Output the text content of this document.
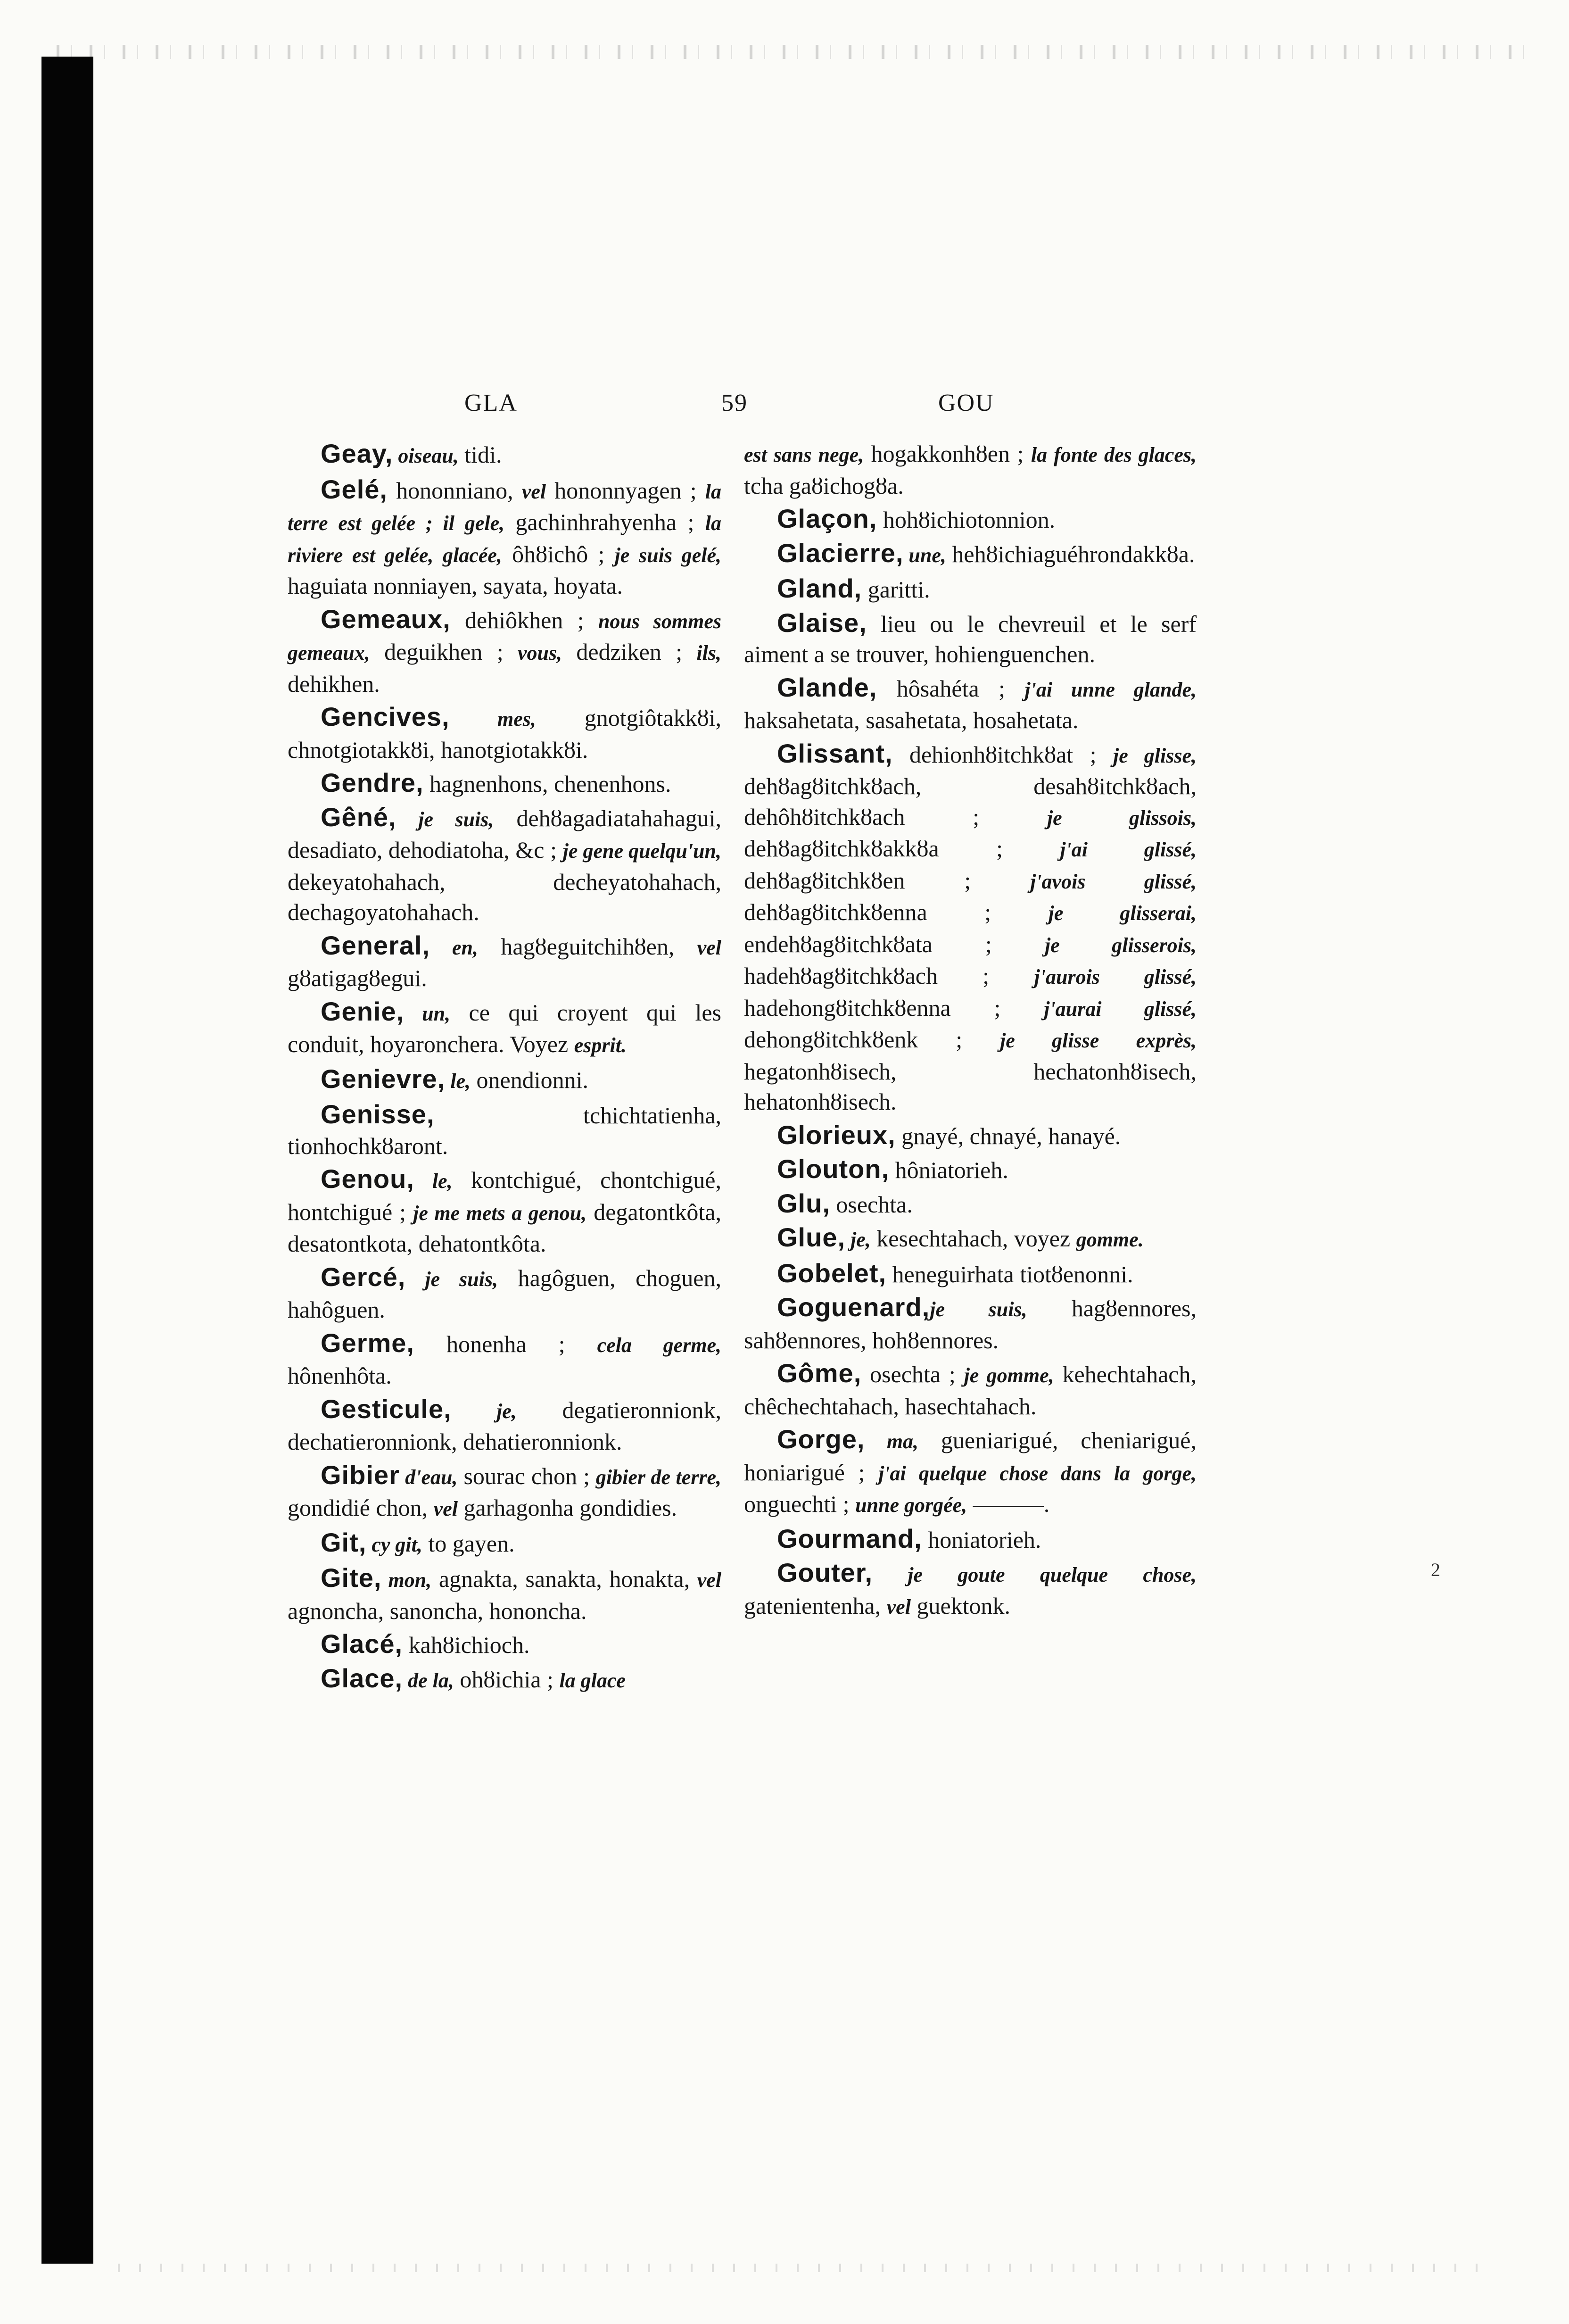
GLA	59	GOU

Geay, oiseau, tidi.

Gelé, hononniano, vel hononnyagen ; la terre est gelée ; il gele, gachinhrahyenha ; la riviere est gelée, glacée, ôhȣichô ; je suis gelé, haguiata nonniayen, sayata, hoyata.

Gemeaux, dehiôkhen ; nous sommes gemeaux, deguikhen ; vous, dedziken ; ils, dehikhen.

Gencives, mes, gnotgiôtakkȣi, chnotgiotakkȣi, hanotgiotakkȣi.

Gendre, hagnenhons, chenenhons.

Gêné, je suis, dehȣagadiatahahagui, desadiato, dehodiatoha, &c ; je gene quelqu'un, dekeyatohahach, decheyatohahach, dechagoyatohahach.

General, en, hagȣeguitchihȣen, vel gȣatigagȣegui.

Genie, un, ce qui croyent qui les conduit, hoyaronchera. Voyez esprit.

Genievre, le, onendionni.

Genisse, tchichtatienha, tionhochkȣaront.

Genou, le, kontchigué, chontchigué, hontchigué ; je me mets a genou, degatontkôta, desatontkota, dehatontkôta.

Gercé, je suis, hagôguen, choguen, hahôguen.

Germe, honenha ; cela germe, hônenhôta.

Gesticule, je, degatieronnionk, dechatieronnionk, dehatieronnionk.

Gibier d'eau, sourac chon ; gibier de terre, gondidié chon, vel garhagonha gondidies.

Git, cy git, to gayen.

Gite, mon, agnakta, sanakta, honakta, vel agnoncha, sanoncha, hononcha.

Glacé, kahȣichioch.

Glace, de la, ohȣichia ; la glace

est sans nege, hogakkonhȣen ; la fonte des glaces, tcha gaȣichogȣa.

Glaçon, hohȣichiotonnion.

Glacierre, une, hehȣichiaguéhrondakkȣa.

Gland, garitti.

Glaise, lieu ou le chevreuil et le serf aiment a se trouver, hohienguenchen.

Glande, hôsahéta ; j'ai unne glande, haksahetata, sasahetata, hosahetata.

Glissant, dehionhȣitchkȣat ; je glisse, dehȣagȣitchkȣach, desahȣitchkȣach, dehôhȣitchkȣach ; je glissois, dehȣagȣitchkȣakkȣa ; j'ai glissé, dehȣagȣitchkȣen ; j'avois glissé, dehȣagȣitchkȣenna ; je glisserai, endehȣagȣitchkȣata ; je glisserois, hadehȣagȣitchkȣach ; j'aurois glissé, hadehongȣitchkȣenna ; j'aurai glissé, dehongȣitchkȣenk ; je glisse exprès, hegatonhȣisech, hechatonhȣisech, hehatonhȣisech.

Glorieux, gnayé, chnayé, hanayé.

Glouton, hôniatorieh.

Glu, osechta.

Glue, je, kesechtahach, voyez gomme.

Gobelet, heneguirhata tiotȣenonni.

Goguenard,je suis, hagȣennores, sahȣennores, hohȣennores.

Gôme, osechta ; je gomme, kehechtahach, chêchechtahach, hasechtahach.

Gorge, ma, gueniarigué, cheniarigué, honiarigué ; j'ai quelque chose dans la gorge, onguechti ; unne gorgée, ———.

Gourmand, honiatorieh.

Gouter, je goute quelque chose, gatenientenha, vel guektonk.

2
